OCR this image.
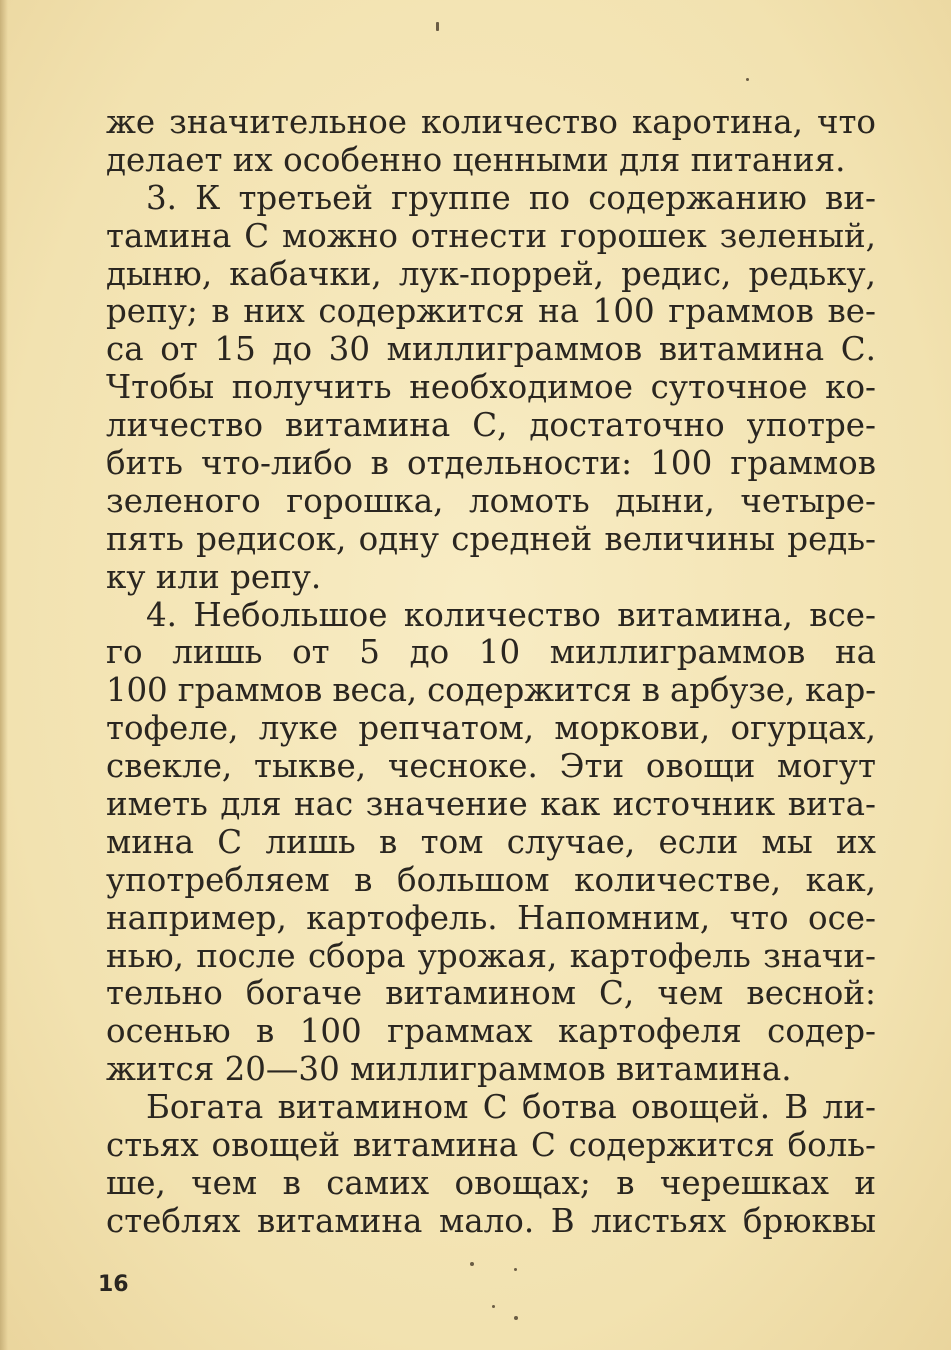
же значительное количество каротина, что
делает их особенно ценными для питания.
3. К третьей группе по содержанию ви-
тамина С можно отнести горошек зеленый,
дыню, кабачки, лук-поррей, редис, редьку,
репу; в них содержится на 100 граммов ве-
са от 15 до 30 миллиграммов витамина С.
Чтобы получить необходимое суточное ко-
личество витамина С, достаточно употре-
бить что-либо в отдельности: 100 граммов
зеленого горошка, ломоть дыни, четыре-
пять редисок, одну средней величины редь-
ку или репу.
4. Небольшое количество витамина, все-
го лишь от 5 до 10 миллиграммов на
100 граммов веса, содержится в арбузе, кар-
тофеле, луке репчатом, моркови, огурцах,
свекле, тыкве, чесноке. Эти овощи могут
иметь для нас значение как источник вита-
мина С лишь в том случае, если мы их
употребляем в большом количестве, как,
например, картофель. Напомним, что осе-
нью, после сбора урожая, картофель значи-
тельно богаче витамином С, чем весной:
осенью в 100 граммах картофеля содер-
жится 20—30 миллиграммов витамина.
Богата витамином С ботва овощей. В ли-
стьях овощей витамина С содержится боль-
ше, чем в самих овощах; в черешках и
стеблях витамина мало. В листьях брюквы
16
